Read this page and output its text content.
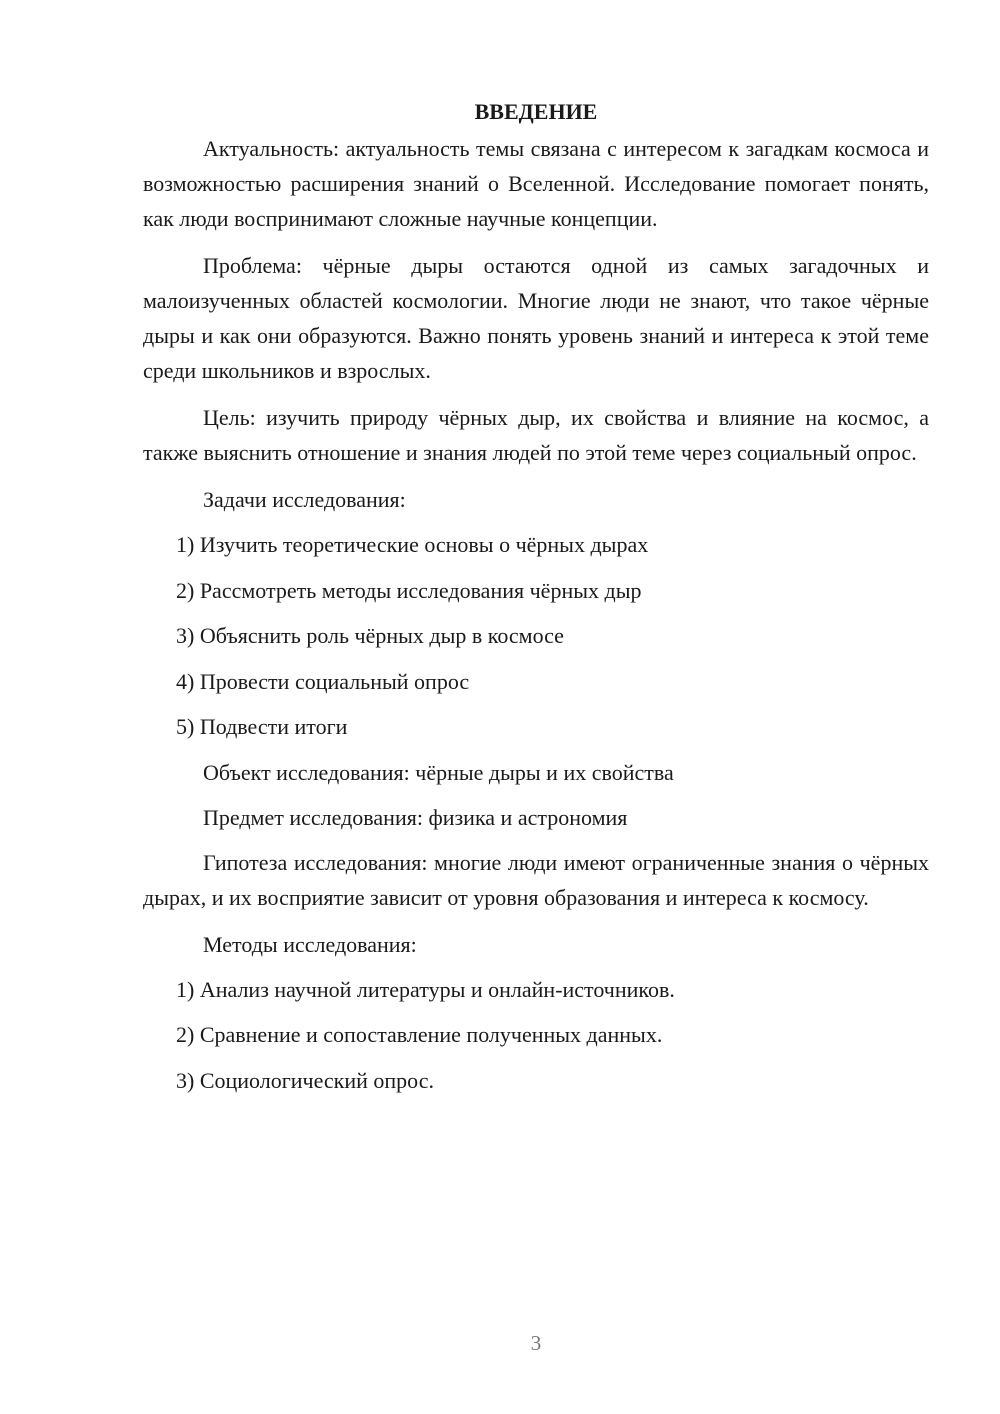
ВВЕДЕНИЕ

Актуальность: актуальность темы связана с интересом к загадкам космоса и возможностью расширения знаний о Вселенной. Исследование помогает понять, как люди воспринимают сложные научные концепции.

Проблема: чёрные дыры остаются одной из самых загадочных и малоизученных областей космологии. Многие люди не знают, что такое чёрные дыры и как они образуются. Важно понять уровень знаний и интереса к этой теме среди школьников и взрослых.

Цель: изучить природу чёрных дыр, их свойства и влияние на космос, а также выяснить отношение и знания людей по этой теме через социальный опрос.

Задачи исследования:

1) Изучить теоретические основы о чёрных дырах

2) Рассмотреть методы исследования чёрных дыр

3) Объяснить роль чёрных дыр в космосе

4) Провести социальный опрос

5) Подвести итоги

Объект исследования: чёрные дыры и их свойства

Предмет исследования: физика и астрономия

Гипотеза исследования: многие люди имеют ограниченные знания о чёрных дырах, и их восприятие зависит от уровня образования и интереса к космосу.

Методы исследования:

1) Анализ научной литературы и онлайн-источников.

2) Сравнение и сопоставление полученных данных.

3) Социологический опрос.

3
